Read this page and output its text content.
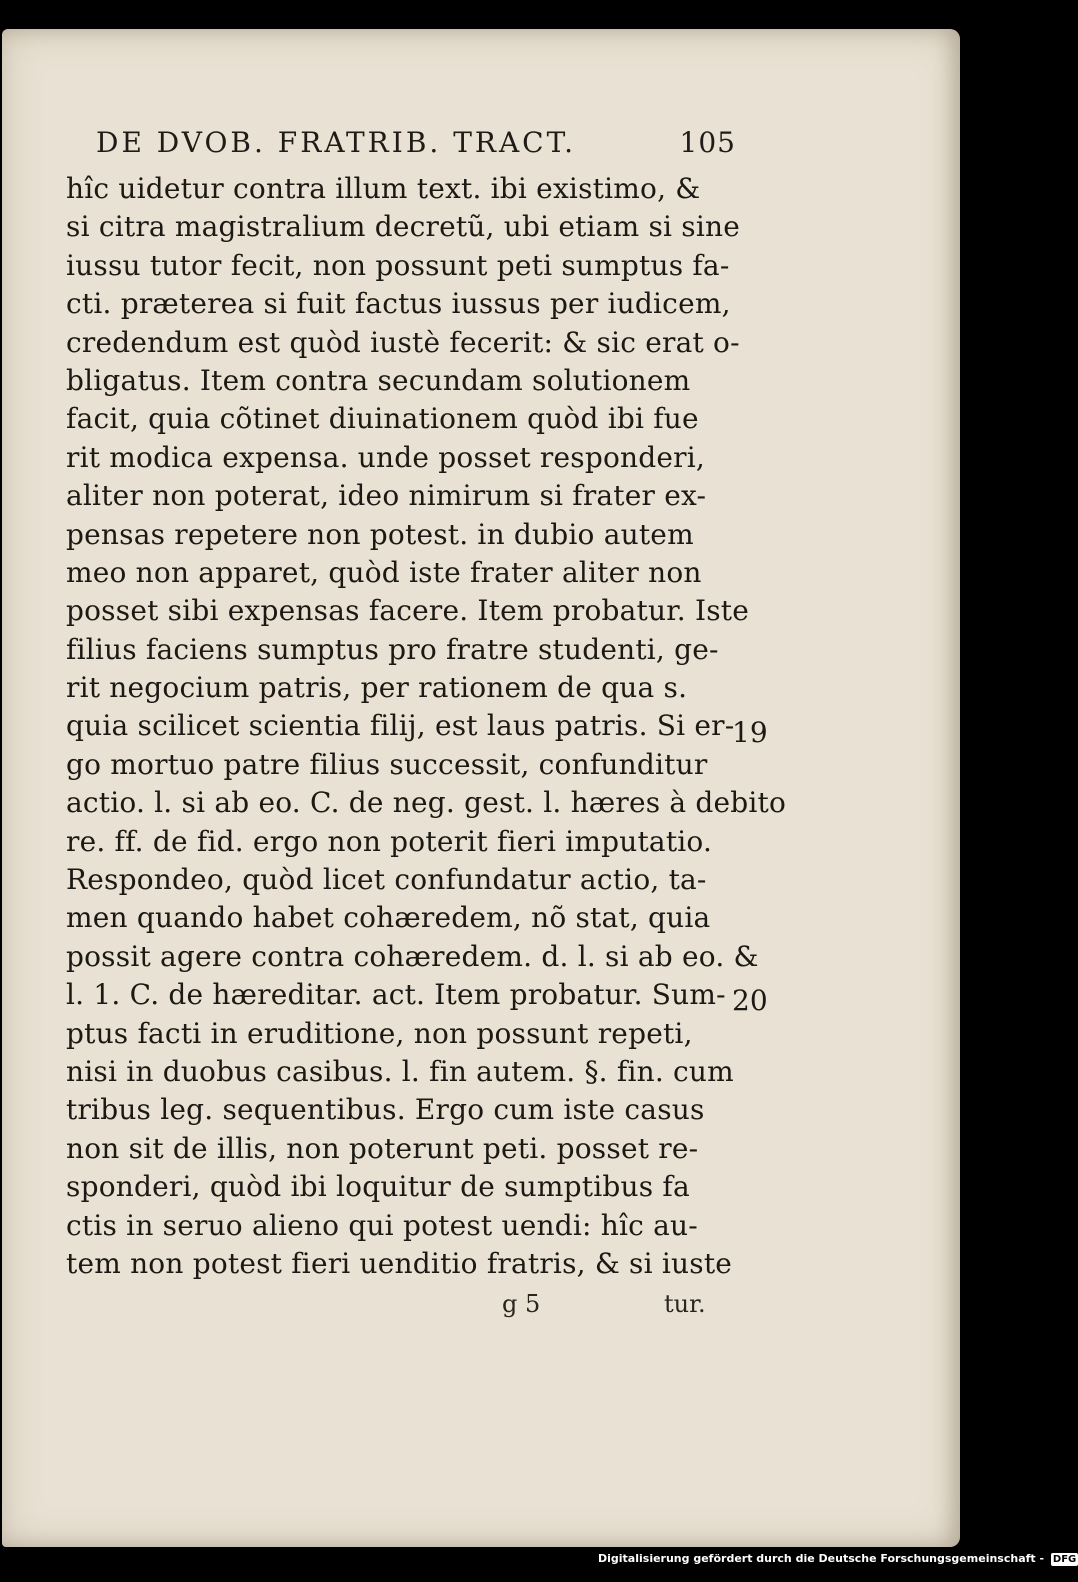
DE DVOB. FRATRIB. TRACT.	105
hîc uidetur contra illum text. ibi existimo, &
si citra magistralium decretũ, ubi etiam si sine
iussu tutor fecit, non possunt peti sumptus fa-
cti. præterea si fuit factus iussus per iudicem,
credendum est quòd iustè fecerit: & sic erat o-
bligatus. Item contra secundam solutionem
facit, quia cõtinet diuinationem quòd ibi fue
rit modica expensa. unde posset responderi,
aliter non poterat, ideo nimirum si frater ex-
pensas repetere non potest. in dubio autem
meo non apparet, quòd iste frater aliter non
posset sibi expensas facere. Item probatur. Iste
filius faciens sumptus pro fratre studenti, ge-
rit negocium patris, per rationem de qua s.
quia scilicet scientia filij, est laus patris. Si er-
go mortuo patre filius successit, confunditur
actio. l. si ab eo. C. de neg. gest. l. hæres à debito
re. ff. de fid. ergo non poterit fieri imputatio.
Respondeo, quòd licet confundatur actio, ta-
men quando habet cohæredem, nõ stat, quia
possit agere contra cohæredem. d. l. si ab eo. &
l. 1. C. de hæreditar. act. Item probatur. Sum-
ptus facti in eruditione, non possunt repeti,
nisi in duobus casibus. l. fin autem. §. fin. cum
tribus leg. sequentibus. Ergo cum iste casus
non sit de illis, non poterunt peti. posset re-
sponderi, quòd ibi loquitur de sumptibus fa
ctis in seruo alieno qui potest uendi: hîc au-
tem non potest fieri uenditio fratris, & si iuste
19
20
g 5	tur.
Digitalisierung gefördert durch die Deutsche Forschungsgemeinschaft - DFG
